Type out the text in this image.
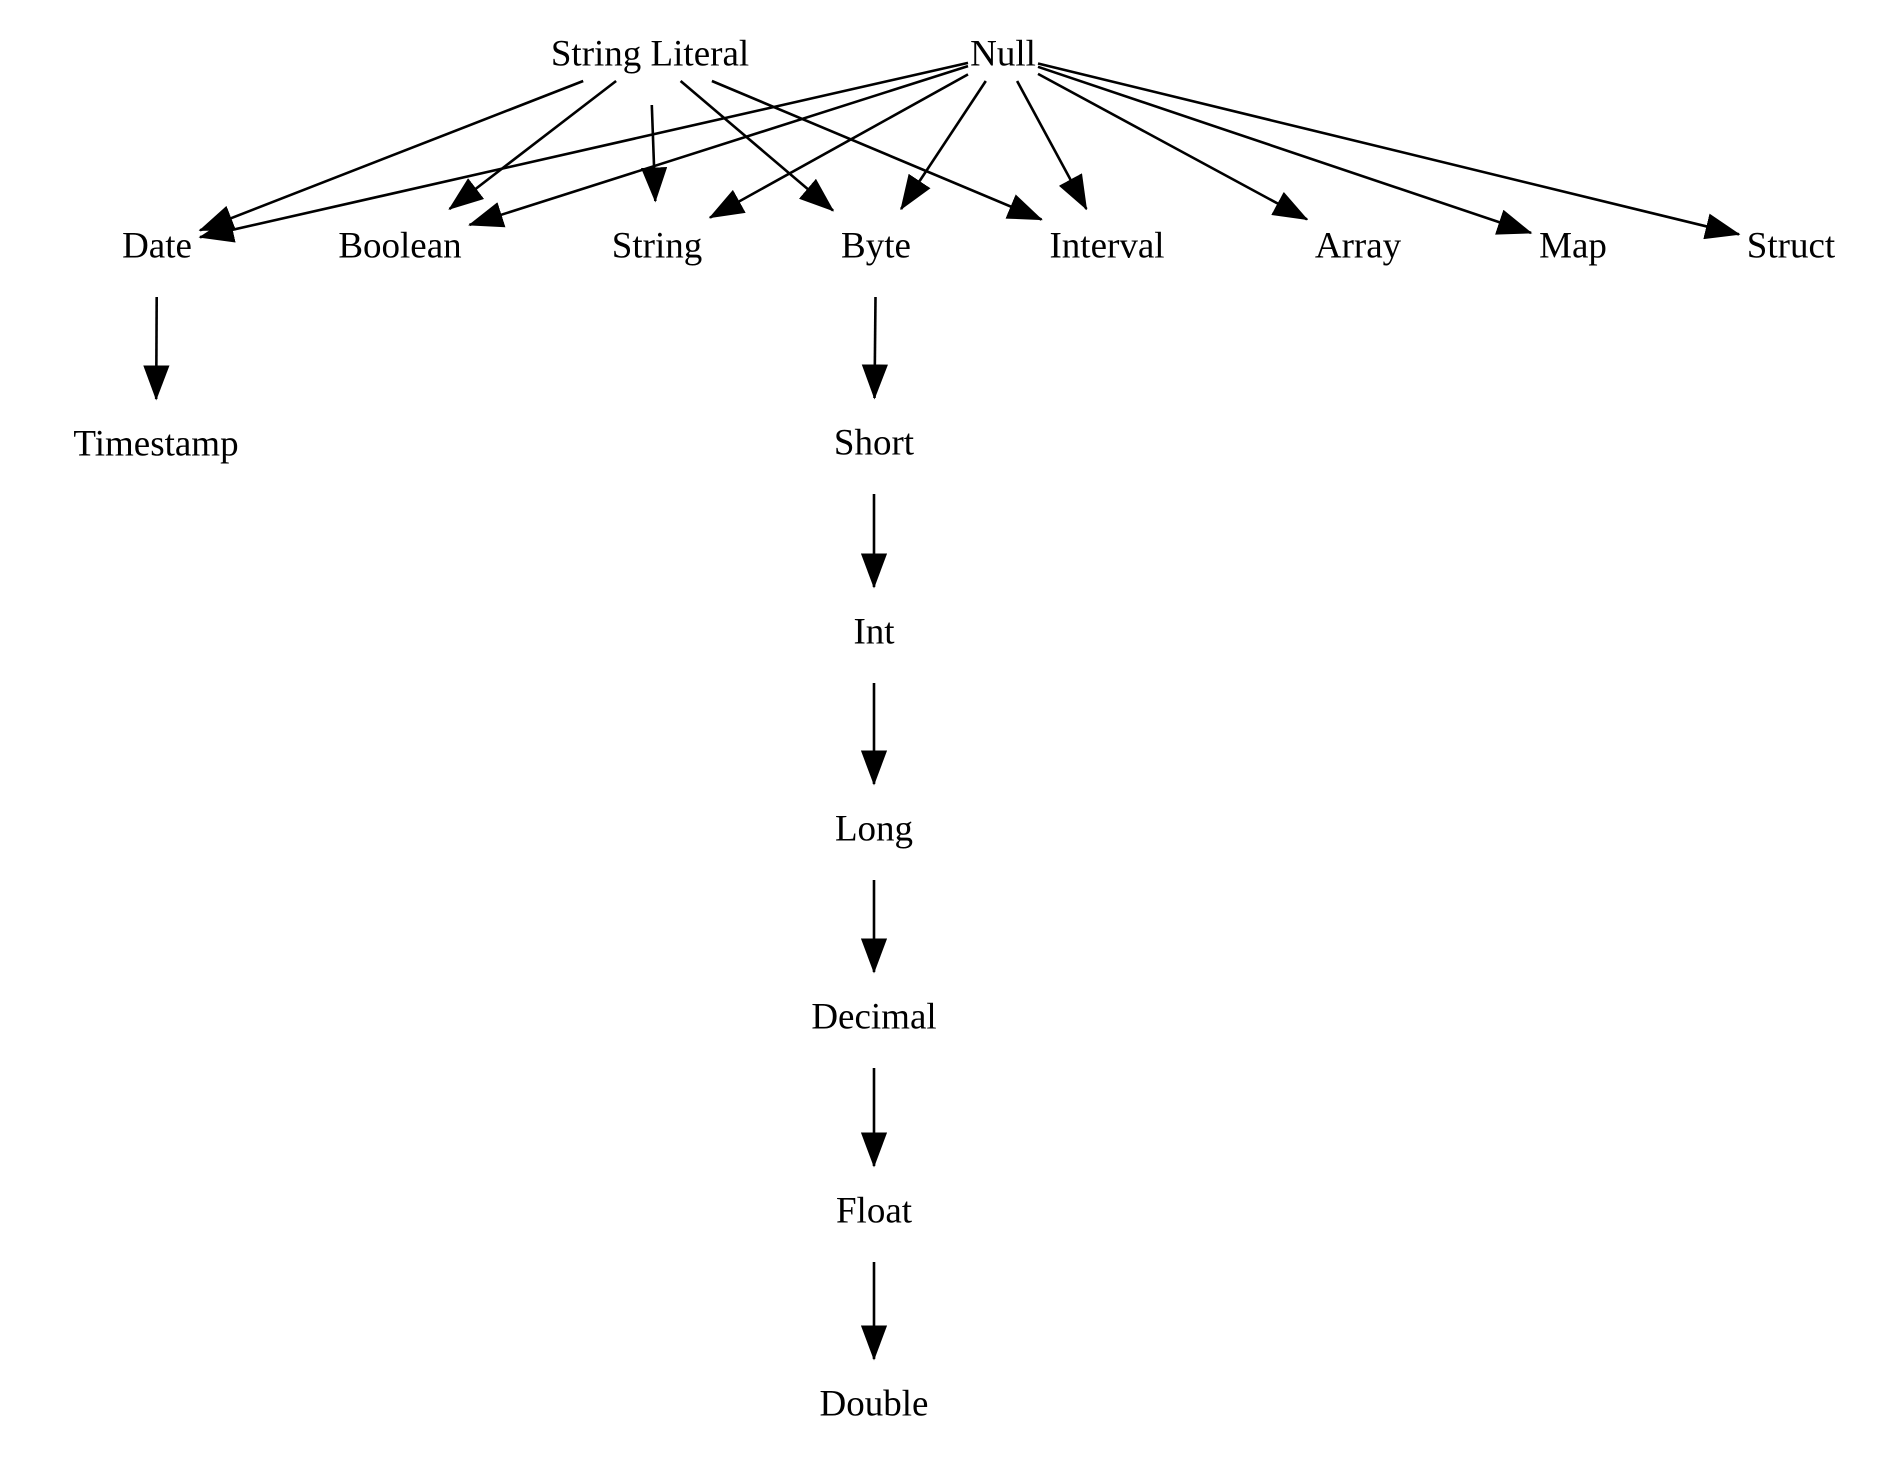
String Literal	Null
Date	Boolean	String	Byte	Interval	Array	Map	Struct
Timestamp	Short
Int
Long
Decimal
Float
Double
